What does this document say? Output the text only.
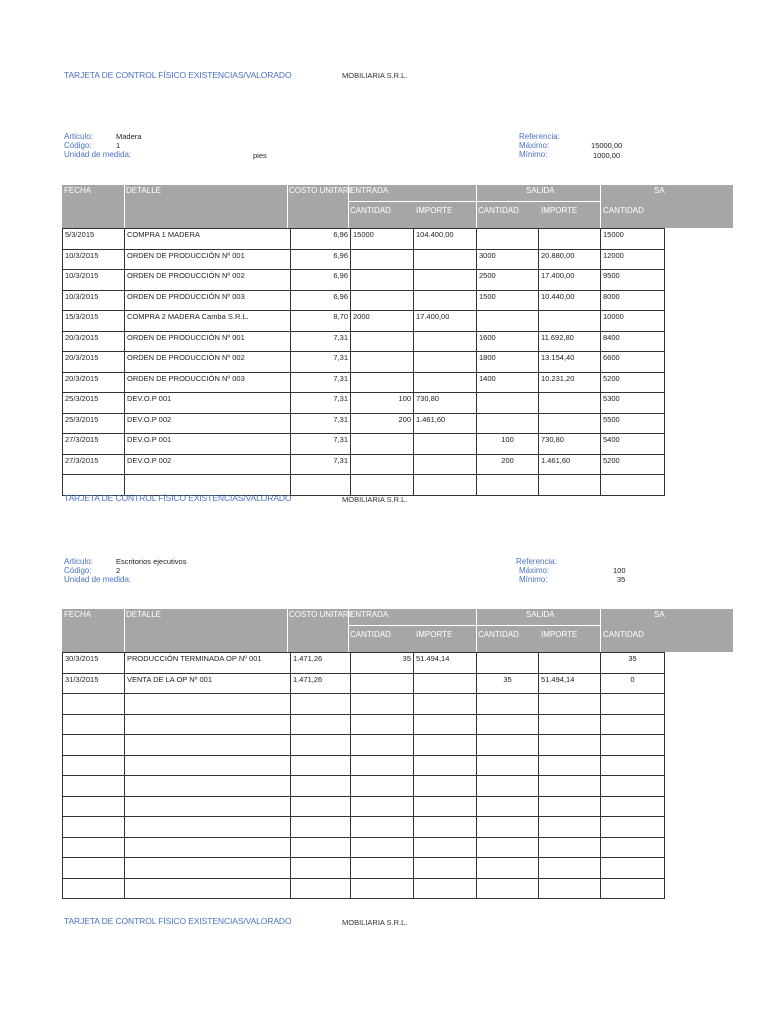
TARJETA DE CONTROL FÍSICO EXISTENCIAS/VALORADO	MOBILIARIA S.R.L.
Articulo:	Madera
Código:	1
Unidad de medida:	pies
Referencia:
Máximo:	15000,00
Mínimo:	1000,00
FECHA	DETALLE	COSTO UNITARI ENTRADA	SALIDA	SA
CANTIDAD	IMPORTE	CANTIDAD	IMPORTE	CANTIDAD
5/3/2015	COMPRA 1 MADERA	6,96	15000	104.400,00			15000
10/3/2015	ORDEN DE PRODUCCIÓN Nº 001	6,96			3000	20.880,00	12000
10/3/2015	ORDEN DE PRODUCCIÓN Nº 002	6,96			2500	17.400,00	9500
10/3/2015	ORDEN DE PRODUCCIÓN Nº 003	6,96			1500	10.440,00	8000
15/3/2015	COMPRA 2 MADERA Camba S.R.L.	8,70	2000	17.400,00			10000
20/3/2015	ORDEN DE PRODUCCIÓN Nº 001	7,31			1600	11.692,80	8400
20/3/2015	ORDEN DE PRODUCCIÓN Nº 002	7,31			1800	13.154,40	6600
20/3/2015	ORDEN DE PRODUCCIÓN Nº 003	7,31			1400	10.231,20	5200
25/3/2015	DEV.O.P 001	7,31	100	730,80			5300
25/3/2015	DEV.O.P 002	7,31	200	1.461,60			5500
27/3/2015	DEV.O.P 001	7,31			100	730,80	5400
27/3/2015	DEV.O.P 002	7,31			200	1.461,60	5200

TARJETA DE CONTROL FÍSICO EXISTENCIAS/VALORADO	MOBILIARIA S.R.L.
Articulo:	Escritorios ejecutivos
Código:	2
Unidad de medida:
Referencia:
Máximo:	100
Mínimo:	35
FECHA	DETALLE	COSTO UNITARI ENTRADA	SALIDA	SA
CANTIDAD	IMPORTE	CANTIDAD	IMPORTE	CANTIDAD
30/3/2015	PRODUCCIÓN TERMINADA OP Nº 001	1.471,26	35	51.494,14			35
31/3/2015	VENTA DE LA OP Nº 001	1.471,26			35	51.494,14	0

TARJETA DE CONTROL FÍSICO EXISTENCIAS/VALORADO	MOBILIARIA S.R.L.
